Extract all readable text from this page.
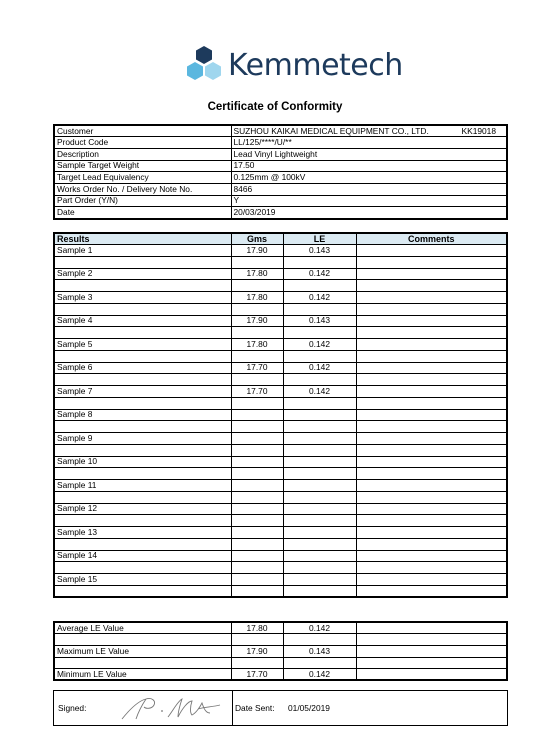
Kemmetech
Certificate of Conformity
Customer	SUZHOU KAIKAI MEDICAL EQUIPMENT CO., LTD. KK19018

Product Code	LL/125/****/U/**
Description	Lead Vinyl Lightweight
Sample Target Weight	17.50
Target Lead Equivalency	0.125mm @ 100kV
Works Order No. / Delivery Note No.	8466
Part Order (Y/N)	Y
Date	20/03/2019
Results	Gms	LE	Comments
Sample 1	17.90	0.143	

Sample 2	17.80	0.142	

Sample 3	17.80	0.142	

Sample 4	17.90	0.143	

Sample 5	17.80	0.142	

Sample 6	17.70	0.142	

Sample 7	17.70	0.142	

Sample 8			

Sample 9			

Sample 10			

Sample 11			

Sample 12			

Sample 13			

Sample 14			

Sample 15			

Average LE Value	17.80	0.142	

Maximum LE Value	17.90	0.143	

Minimum LE Value	17.70	0.142	
Signed:	Date Sent: 01/05/2019
